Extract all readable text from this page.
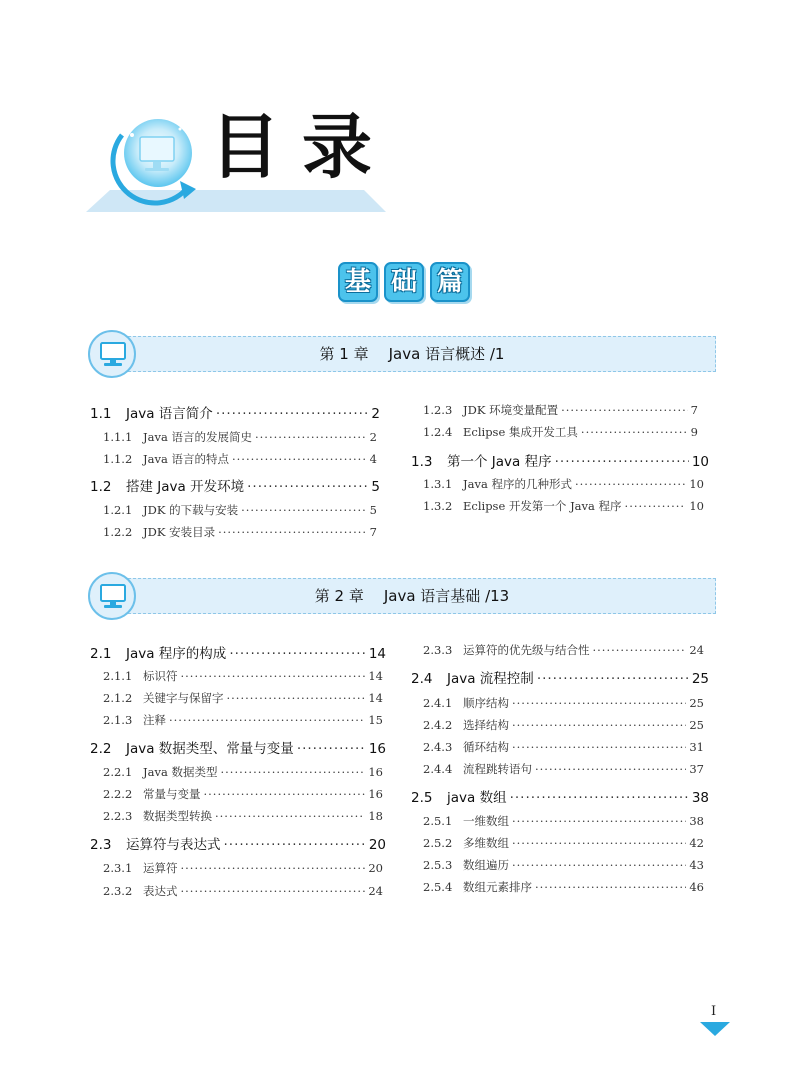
目录
基 础 篇
第 1 章 Java 语言概述 /1
1.1	Java 语言简介 ·····	2
1.1.1 Java 语言的发展简史 ·····	2
1.1.2 Java 语言的特点 ·····	4
1.2	搭建 Java 开发环境 ·····	5
1.2.1 JDK 的下载与安装 ·····	5
1.2.2 JDK 安装目录 ·····	7
1.2.3 JDK 环境变量配置 ·····	7
1.2.4 Eclipse 集成开发工具 ·····	9
1.3	第一个 Java 程序 ·····	10
1.3.1 Java 程序的几种形式 ·····	10
1.3.2 Eclipse 开发第一个 Java 程序 ·····	10
第 2 章 Java 语言基础 /13
2.1	Java 程序的构成 ·····	14
2.1.1 标识符 ·····	14
2.1.2 关键字与保留字 ·····	14
2.1.3 注释 ·····	15
2.2	Java 数据类型、常量与变量 ·····	16
2.2.1 Java 数据类型 ·····	16
2.2.2 常量与变量 ·····	16
2.2.3 数据类型转换 ·····	18
2.3	运算符与表达式 ·····	20
2.3.1 运算符 ·····	20
2.3.2 表达式 ·····	24
2.3.3 运算符的优先级与结合性 ·····	24
2.4	Java 流程控制 ·····	25
2.4.1 顺序结构 ·····	25
2.4.2 选择结构 ·····	25
2.4.3 循环结构 ·····	31
2.4.4 流程跳转语句 ·····	37
2.5	java 数组 ·····	38
2.5.1 一维数组 ·····	38
2.5.2 多维数组 ·····	42
2.5.3 数组遍历 ·····	43
2.5.4 数组元素排序 ·····	46
I
